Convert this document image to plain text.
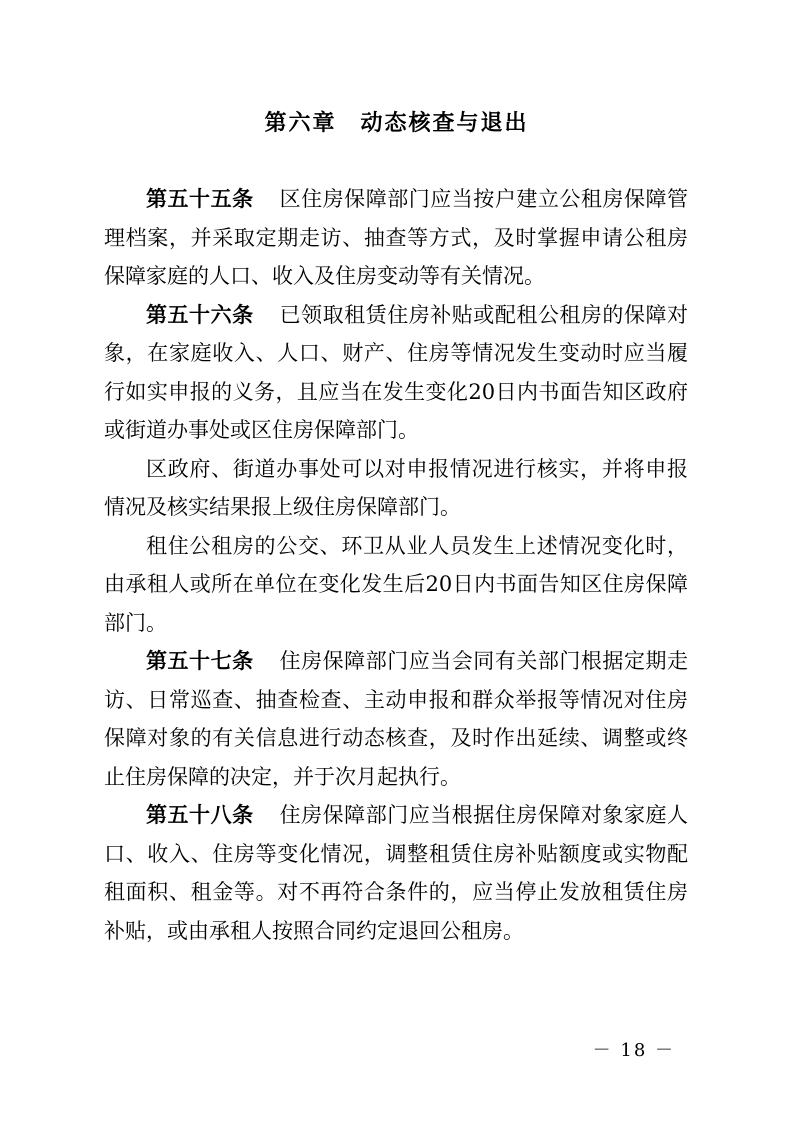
第六章　动态核查与退出

第五十五条 区住房保障部门应当按户建立公租房保障管理档案，并采取定期走访、抽查等方式，及时掌握申请公租房保障家庭的人口、收入及住房变动等有关情况。

第五十六条 已领取租赁住房补贴或配租公租房的保障对象，在家庭收入、人口、财产、住房等情况发生变动时应当履行如实申报的义务，且应当在发生变化20日内书面告知区政府或街道办事处或区住房保障部门。

区政府、街道办事处可以对申报情况进行核实，并将申报情况及核实结果报上级住房保障部门。

租住公租房的公交、环卫从业人员发生上述情况变化时，由承租人或所在单位在变化发生后20日内书面告知区住房保障部门。

第五十七条 住房保障部门应当会同有关部门根据定期走访、日常巡查、抽查检查、主动申报和群众举报等情况对住房保障对象的有关信息进行动态核查，及时作出延续、调整或终止住房保障的决定，并于次月起执行。

第五十八条 住房保障部门应当根据住房保障对象家庭人口、收入、住房等变化情况，调整租赁住房补贴额度或实物配租面积、租金等。对不再符合条件的，应当停止发放租赁住房补贴，或由承租人按照合同约定退回公租房。

－ 18 －
